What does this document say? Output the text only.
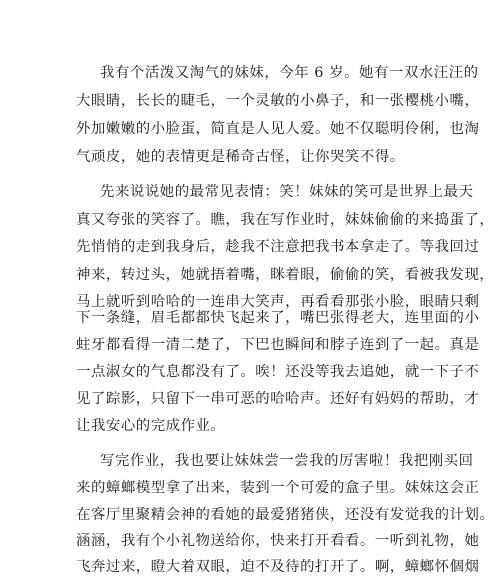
我有个活泼又淘气的妹妹，今年 6 岁。她有一双水汪汪的
大眼睛，长长的睫毛，一个灵敏的小鼻子，和一张樱桃小嘴，
外加嫩嫩的小脸蛋，简直是人见人爱。她不仅聪明伶俐，也淘
气顽皮，她的表情更是稀奇古怪，让你哭笑不得。
先来说说她的最常见表情：笑！妹妹的笑可是世界上最天
真又夸张的笑容了。瞧，我在写作业时，妹妹偷偷的来捣蛋了，
先悄悄的走到我身后，趁我不注意把我书本拿走了。等我回过
神来，转过头，她就捂着嘴，眯着眼，偷偷的笑，看被我发现，
马上就听到哈哈的一连串大笑声，再看看那张小脸，眼睛只剩
下一条缝，眉毛都都快飞起来了，嘴巴张得老大，连里面的小
蛀牙都看得一清二楚了，下巴也瞬间和脖子连到了一起。真是
一点淑女的气息都没有了。唉！还没等我去追她，就一下子不
见了踪影，只留下一串可恶的哈哈声。还好有妈妈的帮助，才
让我安心的完成作业。
写完作业，我也要让妹妹尝一尝我的厉害啦！我把刚买回
来的蟑螂模型拿了出来，装到一个可爱的盒子里。妹妹这会正
在客厅里聚精会神的看她的最爱猪猪侠，还没有发觉我的计划。
涵涵，我有个小礼物送给你，快来打开看看。一听到礼物，她
飞奔过来，瞪大着双眼，迫不及待的打开了。啊，蟑螂怀個烟
